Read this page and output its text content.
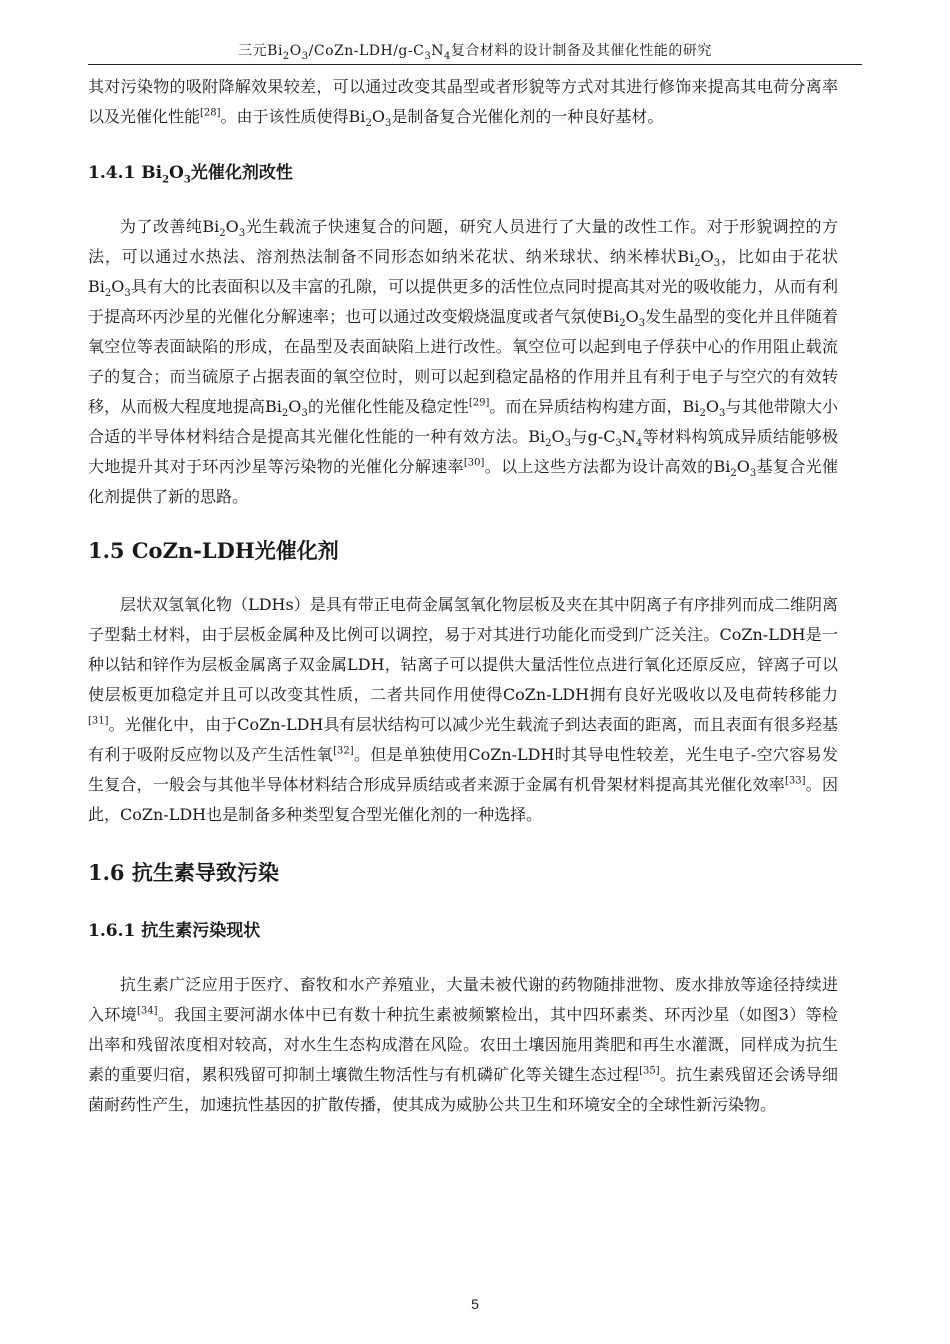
三元$Bi_2O_3/CoZn-LDH/g-C_3N_4$复合材料的设计制备及其催化性能的研究

其对污染物的吸附降解效果较差，可以通过改变其晶型或者形貌等方式对其进行修饰来提高其电荷分离率以及光催化性能[28]。由于该性质使得$Bi_2O_3$是制备复合光催化剂的一种良好基材。

1.4.1 $Bi_2O_3$光催化剂改性

为了改善纯$Bi_2O_3$光生载流子快速复合的问题，研究人员进行了大量的改性工作。对于形貌调控的方法，可以通过水热法、溶剂热法制备不同形态如纳米花状、纳米球状、纳米棒状$Bi_2O_3$，比如由于花状$Bi_2O_3$具有大的比表面积以及丰富的孔隙，可以提供更多的活性位点同时提高其对光的吸收能力，从而有利于提高环丙沙星的光催化分解速率；也可以通过改变煅烧温度或者气氛使$Bi_2O_3$发生晶型的变化并且伴随着氧空位等表面缺陷的形成，在晶型及表面缺陷上进行改性。氧空位可以起到电子俘获中心的作用阻止载流子的复合；而当硫原子占据表面的氧空位时，则可以起到稳定晶格的作用并且有利于电子与空穴的有效转移，从而极大程度地提高$Bi_2O_3$的光催化性能及稳定性[29]。而在异质结构构建方面，$Bi_2O_3$与其他带隙大小合适的半导体材料结合是提高其光催化性能的一种有效方法。$Bi_2O_3$与$g-C_3N_4$等材料构筑成异质结能够极大地提升其对于环丙沙星等污染物的光催化分解速率[30]。以上这些方法都为设计高效的$Bi_2O_3$基复合光催化剂提供了新的思路。

1.5 CoZn-LDH光催化剂

层状双氢氧化物（LDHs）是具有带正电荷金属氢氧化物层板及夹在其中阴离子有序排列而成二维阴离子型黏土材料，由于层板金属种及比例可以调控，易于对其进行功能化而受到广泛关注。CoZn-LDH是一种以钴和锌作为层板金属离子双金属LDH，钴离子可以提供大量活性位点进行氧化还原反应，锌离子可以使层板更加稳定并且可以改变其性质，二者共同作用使得CoZn-LDH拥有良好光吸收以及电荷转移能力[31]。光催化中，由于CoZn-LDH具有层状结构可以减少光生载流子到达表面的距离，而且表面有很多羟基有利于吸附反应物以及产生活性氧[32]。但是单独使用CoZn-LDH时其导电性较差，光生电子-空穴容易发生复合，一般会与其他半导体材料结合形成异质结或者来源于金属有机骨架材料提高其光催化效率[33]。因此，CoZn-LDH也是制备多种类型复合型光催化剂的一种选择。

1.6 抗生素导致污染
1.6.1 抗生素污染现状

抗生素广泛应用于医疗、畜牧和水产养殖业，大量未被代谢的药物随排泄物、废水排放等途径持续进入环境[34]。我国主要河湖水体中已有数十种抗生素被频繁检出，其中四环素类、环丙沙星（如图3）等检出率和残留浓度相对较高，对水生生态构成潜在风险。农田土壤因施用粪肥和再生水灌溉，同样成为抗生素的重要归宿，累积残留可抑制土壤微生物活性与有机磷矿化等关键生态过程[35]。抗生素残留还会诱导细菌耐药性产生，加速抗性基因的扩散传播，使其成为威胁公共卫生和环境安全的全球性新污染物。

5
